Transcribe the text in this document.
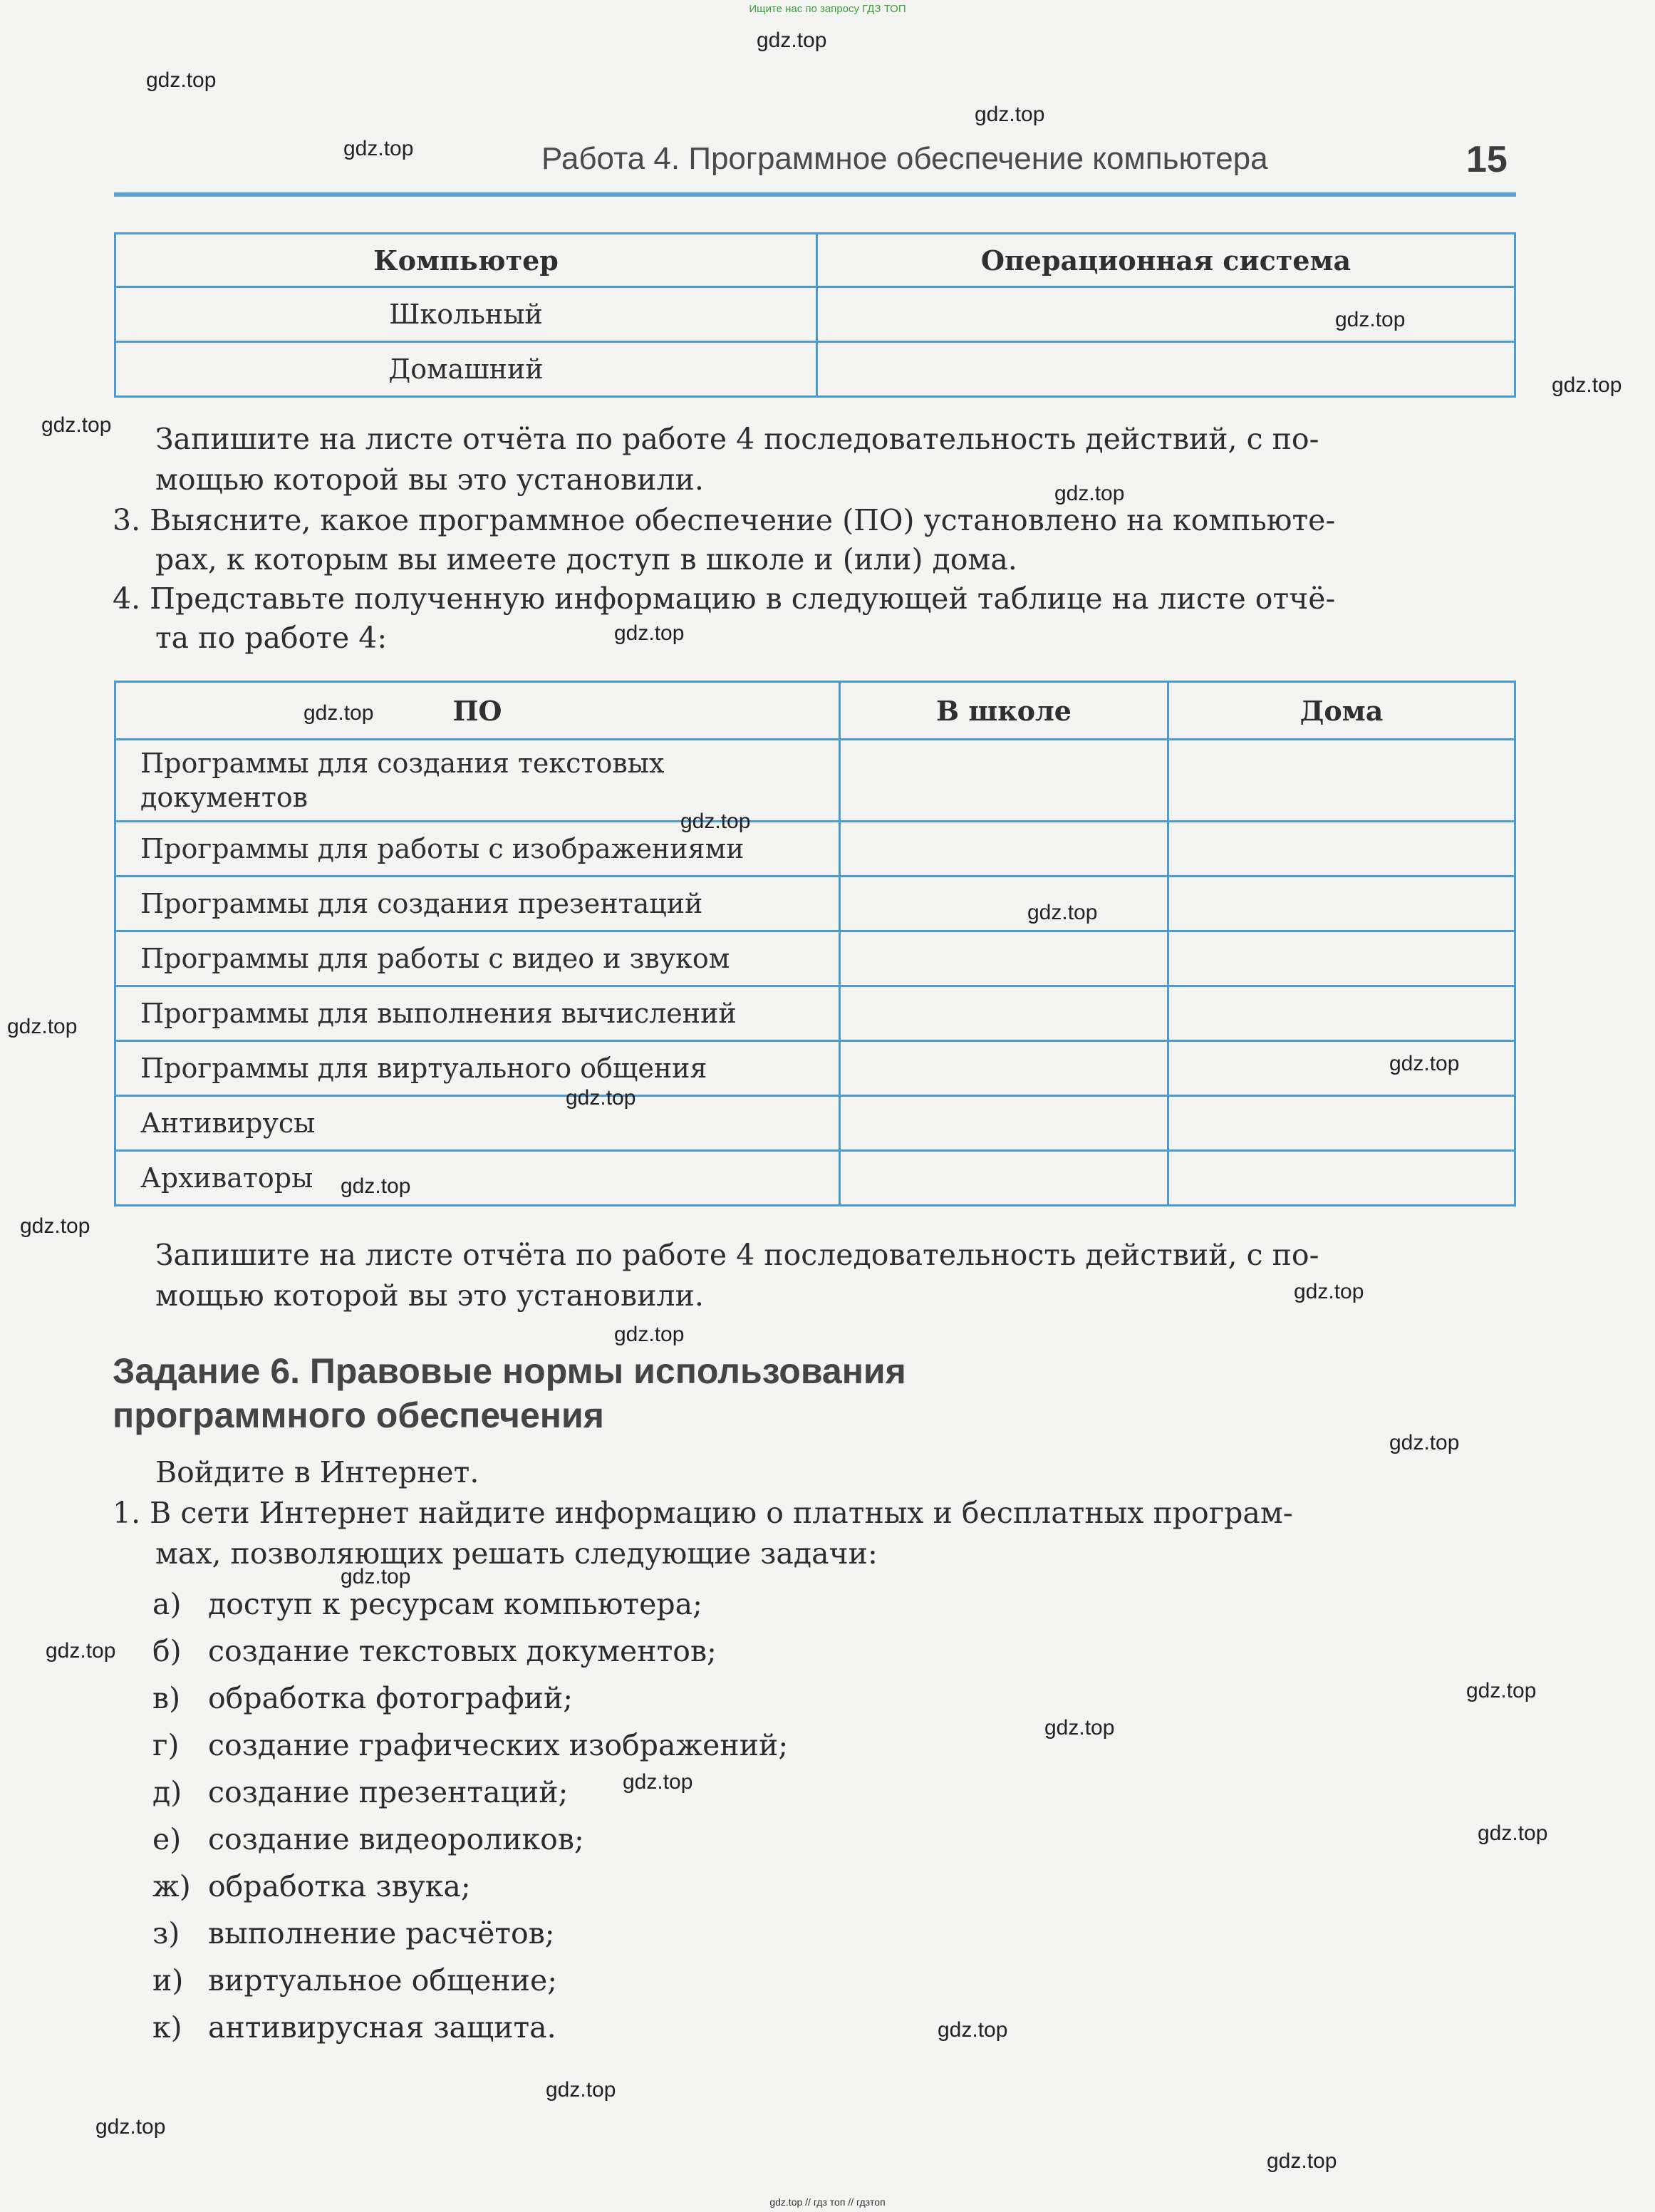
Ищите нас по запросу ГДЗ ТОП
Работа 4. Программное обеспечение компьютера	15
Компьютер	Операционная система
Школьный	
Домашний	
Запишите на листе отчёта по работе 4 последовательность действий, с по-
мощью которой вы это установили.
3. Выясните, какое программное обеспечение (ПО) установлено на компьюте-
рах, к которым вы имеете доступ в школе и (или) дома.
4. Представьте полученную информацию в следующей таблице на листе отчё-
та по работе 4:
ПО	В школе	Дома
Программы для создания текстовых документов		
Программы для работы с изображениями		
Программы для создания презентаций		
Программы для работы с видео и звуком		
Программы для выполнения вычислений		
Программы для виртуального общения		
Антивирусы		
Архиваторы		
Запишите на листе отчёта по работе 4 последовательность действий, с по-
мощью которой вы это установили.
Задание 6. Правовые нормы использования
программного обеспечения
Войдите в Интернет.
1. В сети Интернет найдите информацию о платных и бесплатных програм-
мах, позволяющих решать следующие задачи:
а) доступ к ресурсам компьютера;
б) создание текстовых документов;
в) обработка фотографий;
г) создание графических изображений;
д) создание презентаций;
е) создание видеороликов;
ж) обработка звука;
з) выполнение расчётов;
и) виртуальное общение;
к) антивирусная защита.
gdz.top
gdz.top
gdz.top
gdz.top
gdz.top
gdz.top
gdz.top
gdz.top
gdz.top
gdz.top
gdz.top
gdz.top
gdz.top
gdz.top
gdz.top
gdz.top
gdz.top
gdz.top
gdz.top
gdz.top
gdz.top
gdz.top
gdz.top
gdz.top
gdz.top
gdz.top
gdz.top
gdz.top
gdz.top
gdz.top
gdz.top // гдз топ // гдзтоп
